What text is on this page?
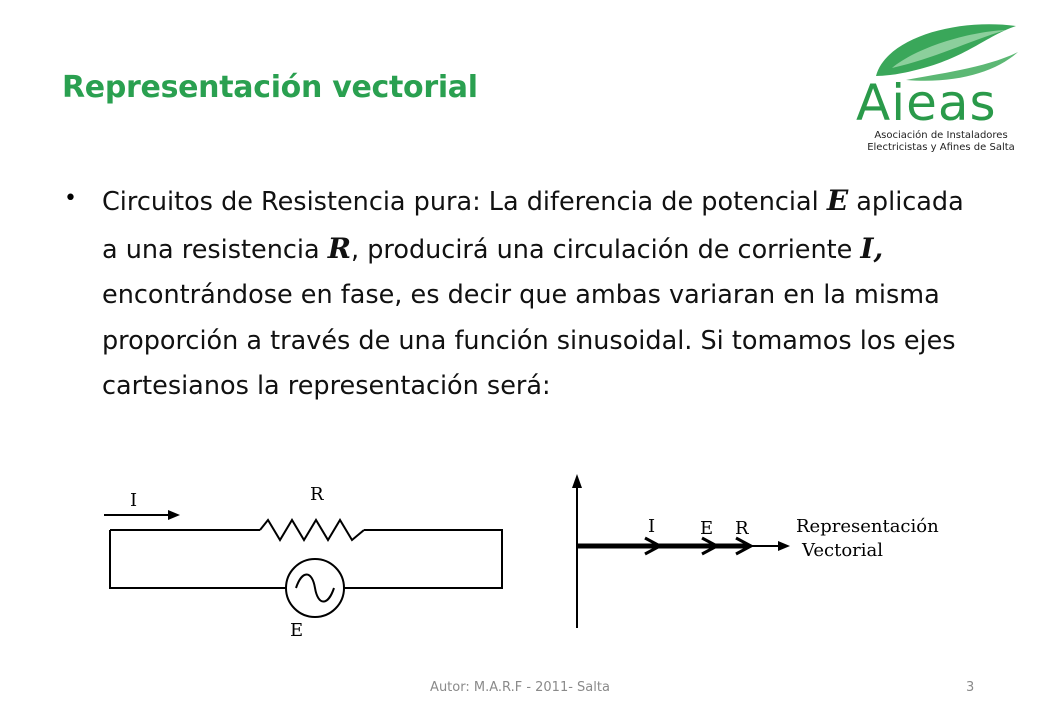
Representación vectorial	Aieas
Asociación de Instaladores
Electricistas y Afines de Salta
• Circuitos de Resistencia pura: La diferencia de potencial E aplicada a una resistencia R, producirá una circulación de corriente I, encontrándose en fase, es decir que ambas variaran en la misma proporción a través de una función sinusoidal. Si tomamos los ejes cartesianos la representación será:
I	R
E
I E R	Representación
Vectorial
Autor: M.A.R.F - 2011- Salta	3
